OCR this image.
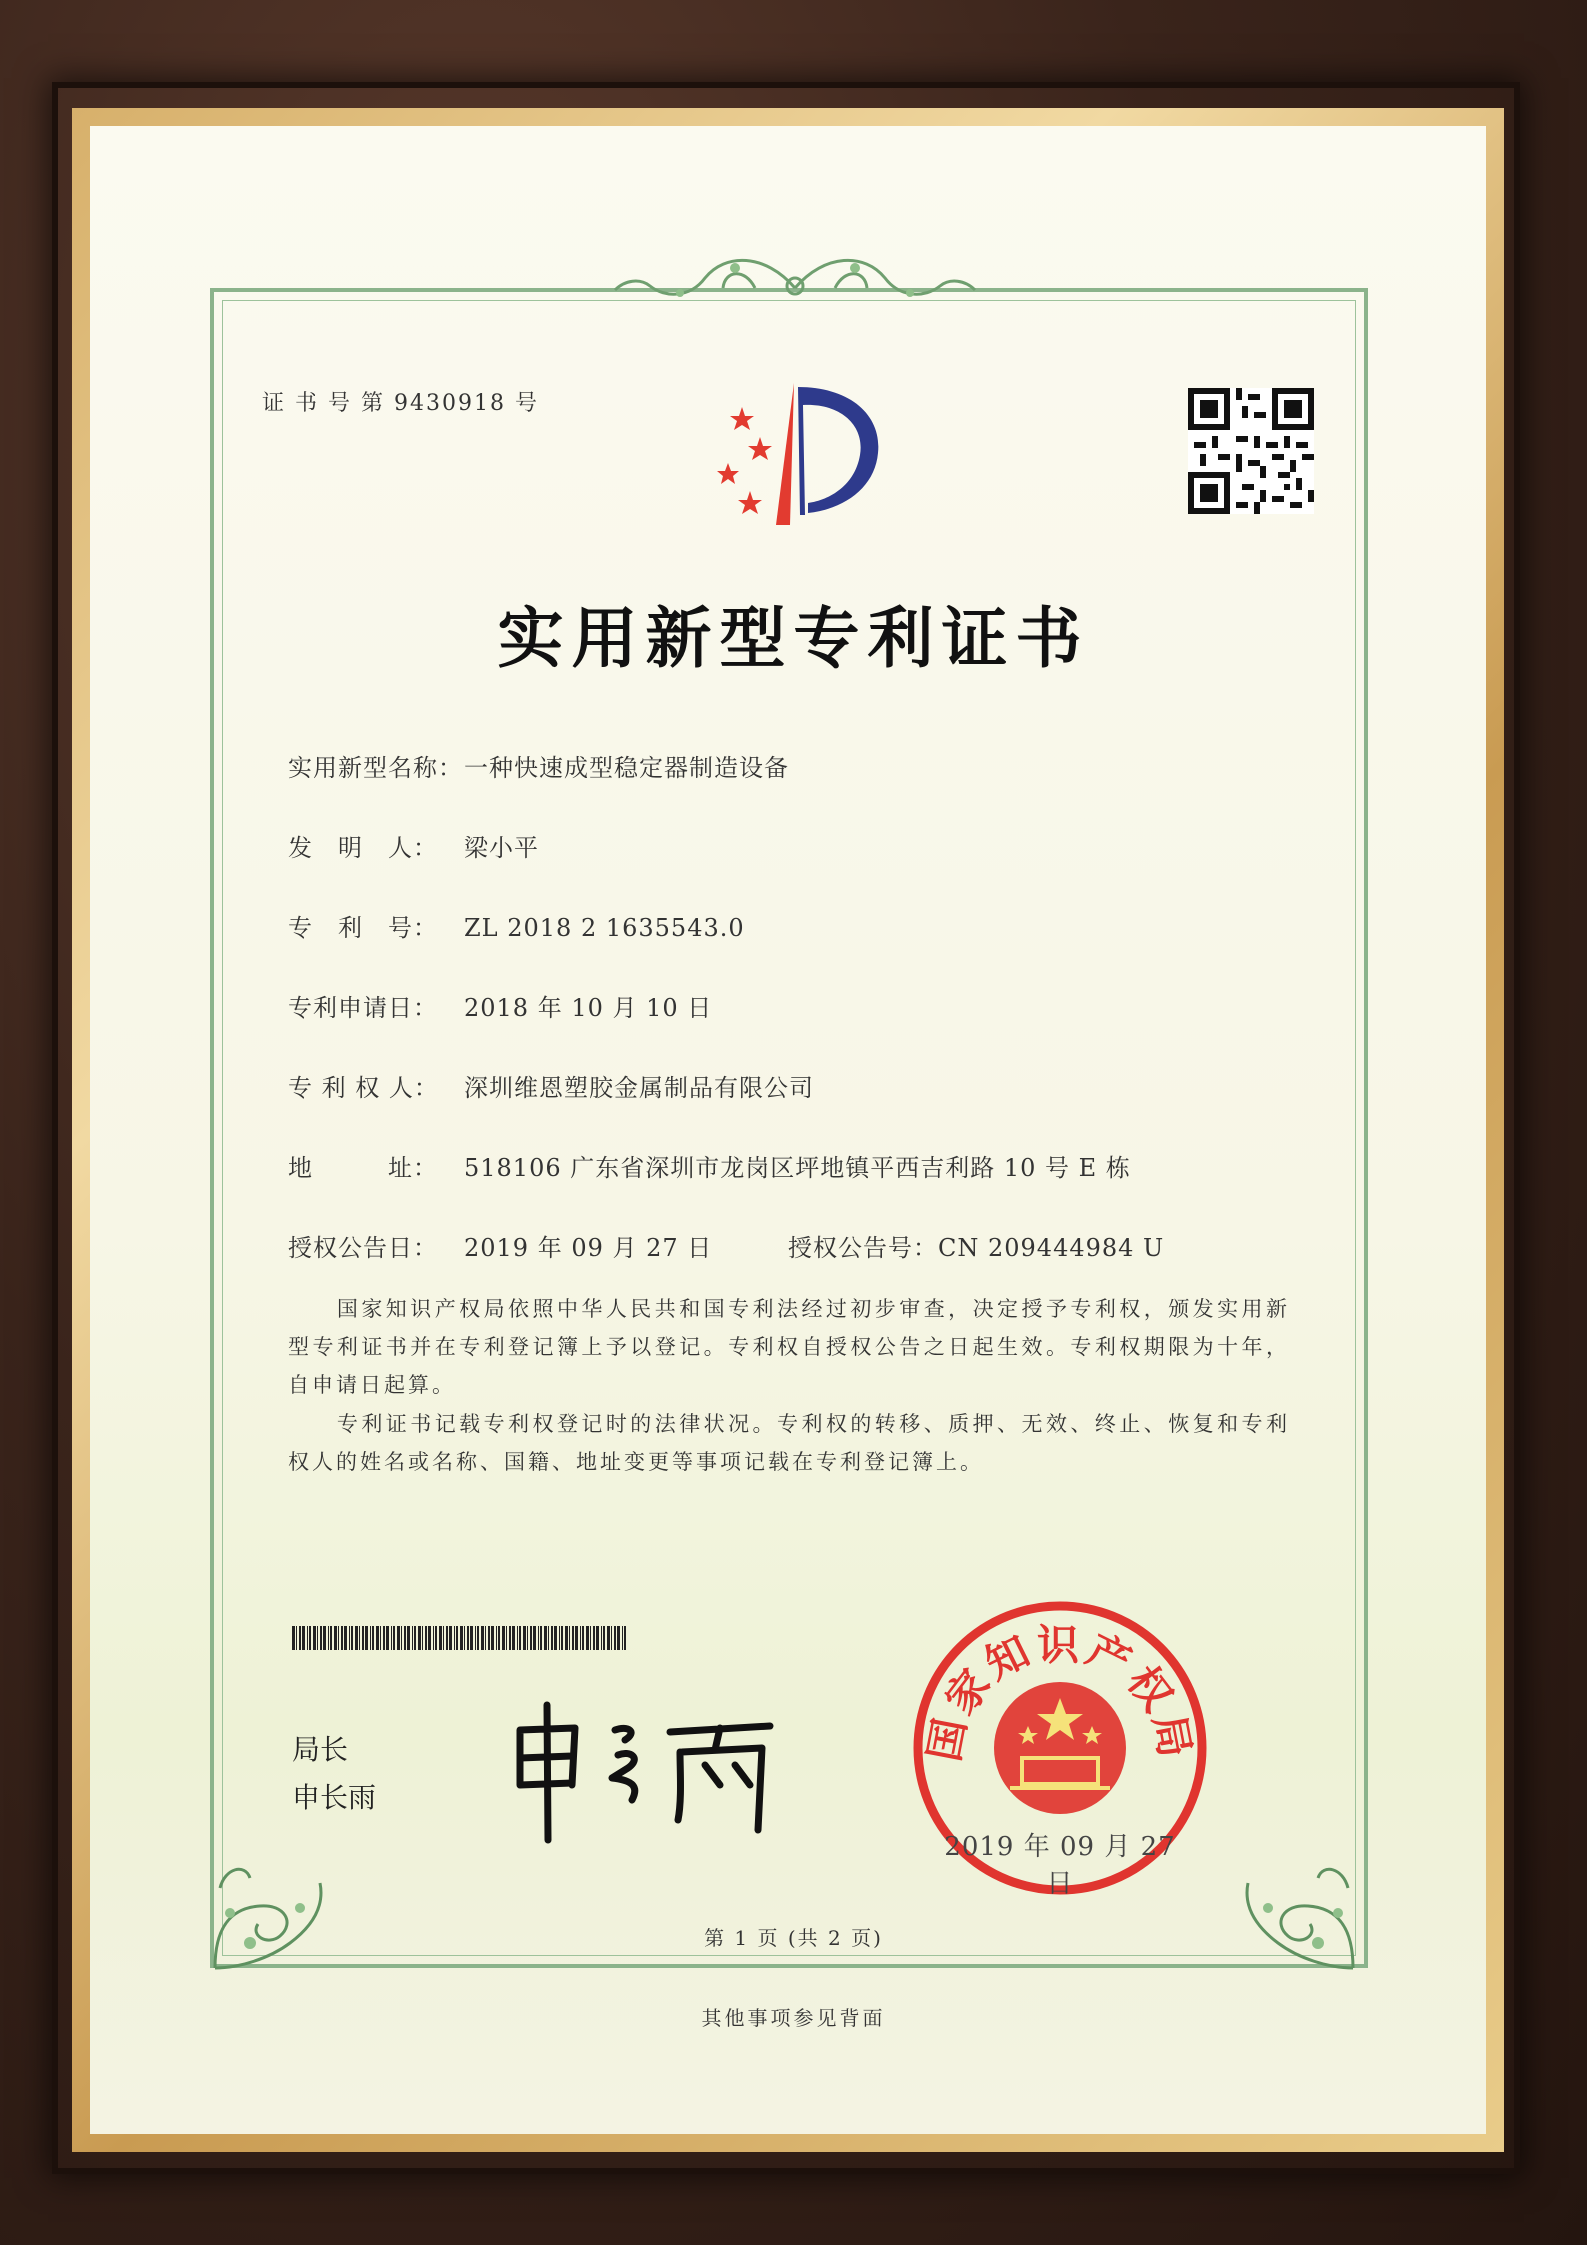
证 书 号 第 9430918 号
实用新型专利证书
实用新型名称：一种快速成型稳定器制造设备
发　明　人： 梁小平
专　利　号： ZL 2018 2 1635543.0
专利申请日： 2018 年 10 月 10 日
专 利 权 人： 深圳维恩塑胶金属制品有限公司
地　　　址： 518106 广东省深圳市龙岗区坪地镇平西吉利路 10 号 E 栋
授权公告日： 2019 年 09 月 27 日	授权公告号：CN 209444984 U
　　国家知识产权局依照中华人民共和国专利法经过初步审查，决定授予专利权，颁发实用新型专利证书并在专利登记簿上予以登记。专利权自授权公告之日起生效。专利权期限为十年，自申请日起算。
　　专利证书记载专利权登记时的法律状况。专利权的转移、质押、无效、终止、恢复和专利权人的姓名或名称、国籍、地址变更等事项记载在专利登记簿上。
局长
申长雨
国家知识产权局
2019 年 09 月 27 日
第 1 页 (共 2 页)
其他事项参见背面
